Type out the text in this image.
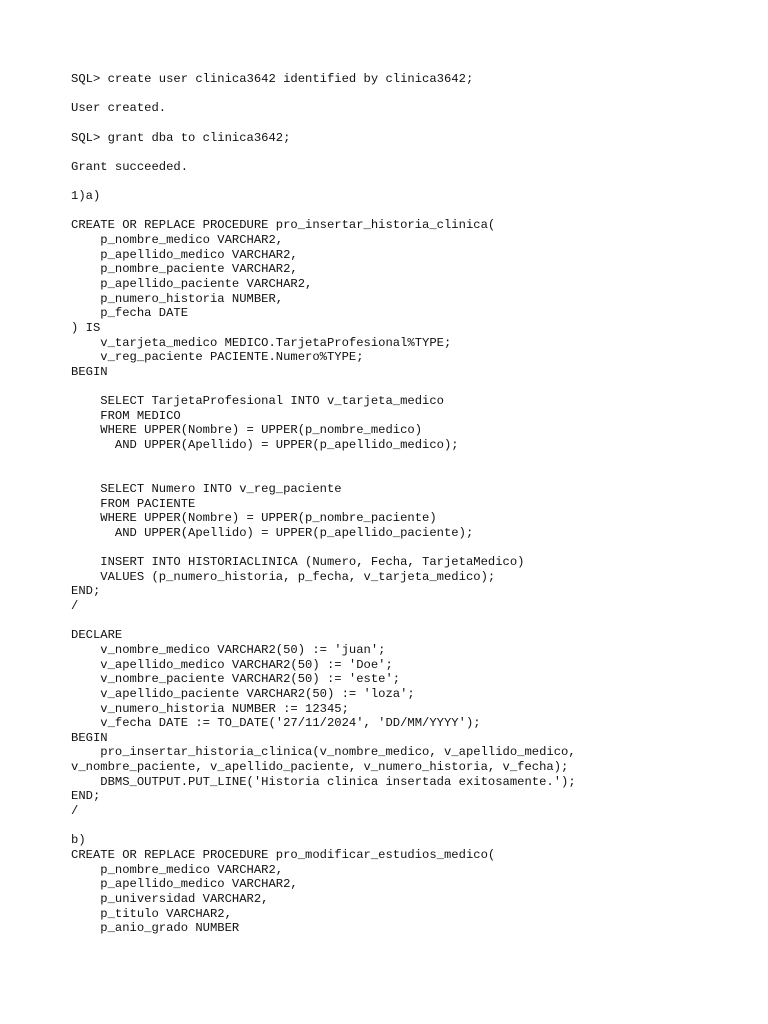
SQL> create user clinica3642 identified by clinica3642;
User created.
SQL> grant dba to clinica3642;
Grant succeeded.
1)a)
CREATE OR REPLACE PROCEDURE pro_insertar_historia_clinica(
p_nombre_medico VARCHAR2,
p_apellido_medico VARCHAR2,
p_nombre_paciente VARCHAR2,
p_apellido_paciente VARCHAR2,
p_numero_historia NUMBER,
p_fecha DATE
) IS
v_tarjeta_medico MEDICO.TarjetaProfesional%TYPE;
v_reg_paciente PACIENTE.Numero%TYPE;
BEGIN
SELECT TarjetaProfesional INTO v_tarjeta_medico
FROM MEDICO
WHERE UPPER(Nombre) = UPPER(p_nombre_medico)
AND UPPER(Apellido) = UPPER(p_apellido_medico);
SELECT Numero INTO v_reg_paciente
FROM PACIENTE
WHERE UPPER(Nombre) = UPPER(p_nombre_paciente)
AND UPPER(Apellido) = UPPER(p_apellido_paciente);
INSERT INTO HISTORIACLINICA (Numero, Fecha, TarjetaMedico)
VALUES (p_numero_historia, p_fecha, v_tarjeta_medico);
END;
/
DECLARE
v_nombre_medico VARCHAR2(50) := 'juan';
v_apellido_medico VARCHAR2(50) := 'Doe';
v_nombre_paciente VARCHAR2(50) := 'este';
v_apellido_paciente VARCHAR2(50) := 'loza';
v_numero_historia NUMBER := 12345;
v_fecha DATE := TO_DATE('27/11/2024', 'DD/MM/YYYY');
BEGIN
pro_insertar_historia_clinica(v_nombre_medico, v_apellido_medico,
v_nombre_paciente, v_apellido_paciente, v_numero_historia, v_fecha);
DBMS_OUTPUT.PUT_LINE('Historia clinica insertada exitosamente.');
END;
/
b)
CREATE OR REPLACE PROCEDURE pro_modificar_estudios_medico(
p_nombre_medico VARCHAR2,
p_apellido_medico VARCHAR2,
p_universidad VARCHAR2,
p_titulo VARCHAR2,
p_anio_grado NUMBER
